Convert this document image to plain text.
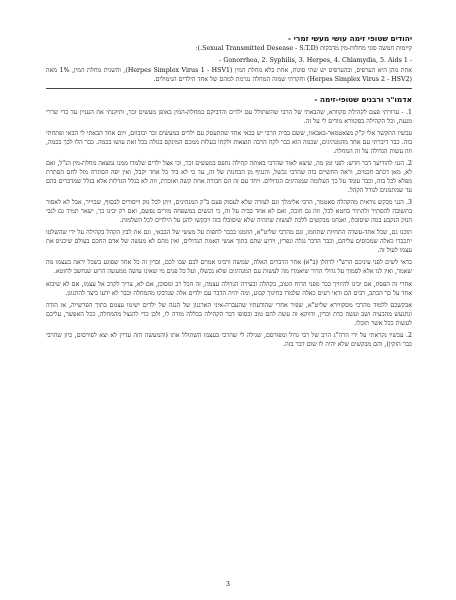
יהודים שטופי זימה עושי מעשי זמרי -

קיימות חמשה סוגי מחלות-מין מדבקות (Sexual Transmitted Desease - S.T.D.):

- 1 Gonorrhea, 2. Syphilis, 3. Herpes, 4. Chlamydia, 5. Aids -

אחת מהן היא הערפיס, ובהערפיס יש שתי סוגות, אחת בלא מחלת המין (Herpes Simplex Virus 1 - HSV1), והשנית מחלת המין, 1% מאה (Herpes Simplex Virus 2 - HSV2) וחקרתי שמזה המחלה נגרמת למהם של אחד הילדים הנימולים.

אדמו"ר ורבנים שטופי-זימה -

1. - ערורתי פעם לקהילת סקוורא, שהבאתי של הרבי שהשתולל עם ילדים והדביקם במחלת-המין באופן מעשים זכר, ותיקנתי את העניין עד כדי שררי מגעת, וכל הקהילה בסקוורא מודים לי על זה.

עכשיו התקשר אלי ק"ק מצאטמאר-באבאוו, ששם בבית הרבי יש בבאי אחד שהתעסק עם ילדים במעשים זכר ובזבוזם, ויום אחד הבאתי לי הבאי ופתחתי בזה. כבר דיברתי עם אחד מהמנהיגים, שכמה הוא כבר לקח הרבה תוצאות ולקחו בעלות ממכם המינקס בגולה בכל זאת עושו בכמה. כבר הלו לכך בכמה, וזה עשות הגדולה על זה המחלה.

2. הנני להודיעך דבר חדש: לפני זמן מה, שיצא לאור שהרבי באותה קהילה נתפס במעשים זכר, וכי אצל ילדים שלמדו ממנו נמצאה מחלת-מין הנ"ל, ואם לא, מאן דכתב חכמים, וראה החשיים בזה שהרבי נכשל, והנגיף מן הבחנות של זה, עד כי לא ביד כל אחד יקבל, ואין יפה הסתרה מול לחם הסתרת מפלא לכל בזה, וכבר עומד על כך העלומה שמנהיגים הגדולים. ויחד עם זה הם חבורה אחת קשה ואוכדת, וזה לא בגלל הגדלות אלא בגלל שמדברים בהם עד שמתמנים לגודל הקהל.

3. הנני מבקש נוראית מהקהלה סאטמר, הרבי אלימלך וגם לעזרה שלא לעסוק פעם ב"ק המנהיגים, ויתן לכל נזק וייסורים לבסוף, שבוייר, אבל לא לאסור בתשובה להסתיר ולהתיר בחטא לכל, וזה גם חובה, ואם לא אחד בבית על זה, כי הנשים במשפחה מורים נפשם, ואם רק יבינו כך, ישאר תמיד גם לגבי הנזק הנקבע במה שיסובלו, ואנחנו מבקשים ללכת לעשות שתהיה שלא שיסובלו בזה ויבקשו להגן על הילדים לכל השלמות.

תוכנו גם, שכל אחד-עשרה התחיות שתחמו, וגם מהרבי שליט"א, הוזמנו ככבר לחפות על מעשי של הבבאי, וגם את לבין הקהל בקהילה על ידי שהשלטו יתכבדו כאלה שמכוסים עליהם, וכבר הדבר נגלה ונפרץ, וידוע שהם בתוך אנשי האמת הגדולים, ואין מהם לא מעשה של אדם החכם בעולם שיכניס את עצמו לעול זה.

כדאי לשים לפני עיניכם הרש"י לדהלן (ב"א) אחר הדברים האלה, שמשה ורבינו אמרם לכם שבו לכם, ובדין זה כל אחד שפוגע בשכל יראה בעצמו מה שאמר, ואין לנו אלא לסמוך על גדולי הדור שיאמרו מה לעשות עם המנהיגים שלא נכשלו, ועל כל פנים מי שאינו עושה ממעשה הרוע שנחשב לחוטא.

אחרי זה הפסח, אם יבינו להיוויך ככר מפני הרוח הטוב, בקהלה ובעירה הגדולה עצמה, זה הכל רב ומסוכן, אם לא, צריך לקרב אל עצמו, אם לא שיבוא אחד על כך הכתב, רבים הם ודאי רעים כאלה שלמדו בחינוך קבוע, ומה יהיה הדבר עם ילדים אלה שנדבקו מהמחלה וכבר לא ידעו כיצד להתגונן.

אבקשכם ללמוד מהרבי מסקווירא שליט"א, שפיר אחרי שהודעתיו שהעברה-איני הארגנון של הנגה של ילדים ישימו עצמם בתוך הפרשייה, אז הודה ונתגעש מהבעיה ושב ועשה כדת וכדין, ודווקא זה עשה להם טוב ובסופו דבר הקהילה בכללה מודה לו, ולכן כדי להנצל מהמחלה, ככל האפשר, עליכם לעשות ככל אשר תוכלו.

2. עכשיו נקראתי על ידי הרה"ג הרב של רבי גדול ומפורסם, שגילה לי שהרבי בעצמו השתולל אתו (והמעשה הזה עדיין לא יצא לפירסום, כיון שהרבי כבר הזקין), והם מבקשים שלא יהיה לו שום דבר בזה.

3
